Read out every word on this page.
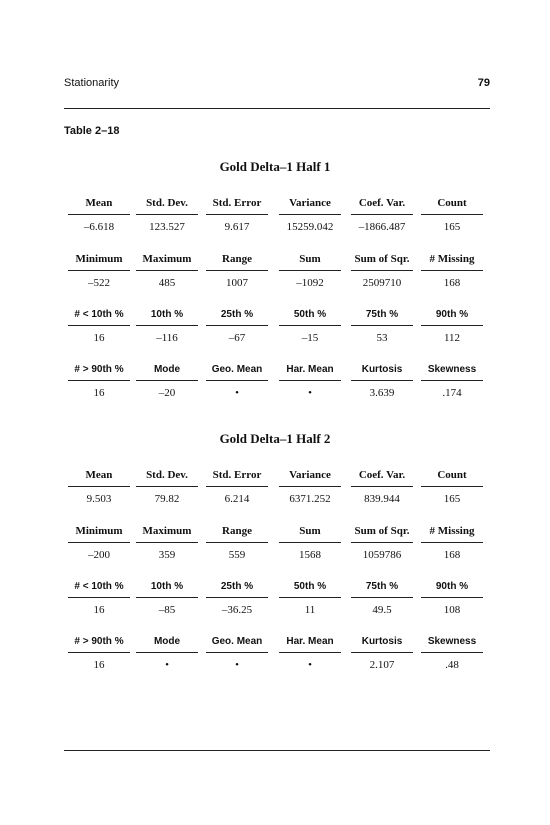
Stationarity	79
Table 2–18
Gold Delta–1 Half 1
Mean	Std. Dev.	Std. Error	Variance	Coef. Var.	Count
–6.618	123.527	9.617	15259.042	–1866.487	165
Minimum	Maximum	Range	Sum	Sum of Sqr.	# Missing
–522	485	1007	–1092	2509710	168
# < 10th %	10th %	25th %	50th %	75th %	90th %
16	–116	–67	–15	53	112
# > 90th %	Mode	Geo. Mean	Har. Mean	Kurtosis	Skewness
16	–20	•	•	3.639	.174
Gold Delta–1 Half 2
Mean	Std. Dev.	Std. Error	Variance	Coef. Var.	Count
9.503	79.82	6.214	6371.252	839.944	165
Minimum	Maximum	Range	Sum	Sum of Sqr.	# Missing
–200	359	559	1568	1059786	168
# < 10th %	10th %	25th %	50th %	75th %	90th %
16	–85	–36.25	11	49.5	108
# > 90th %	Mode	Geo. Mean	Har. Mean	Kurtosis	Skewness
16	•	•	•	2.107	.48
